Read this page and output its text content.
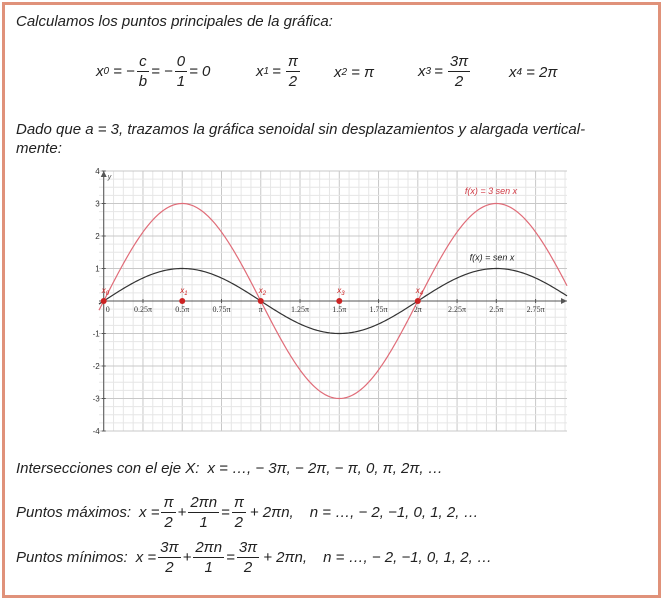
Calculamos los puntos principales de la gráfica:
x 0 = − $\frac{c}{b}$ = − $\frac{0}{1} = 0$	x $1 = \frac{\pi}{2}$ x 2 = π	x $3 = \frac{3\pi}{2}$	x 4 = 2π
Dado que a = 3, trazamos la gráfica senoidal sin desplazamientos y alargada vertical-
mente:
y
0	0.25π	0.5π	0.75π	π	1.25π	1.5π	1.75π	2π	2.25π	2.5π	2.75π
-4
-3
-2
-1
1
2
3
4
f(x) = 3 sen x
f(x) = sen x
$x_0$	$x_1$	$x_2$	$x_3$	$x_4$
Intersecciones con el eje X: x = …, − 3π, − 2π, − π, 0, π, 2π, …
Puntos máximos: $x = \frac{\pi}{2} + \frac{2\pi n}{1} = \frac{\pi}{2} + 2\pi n$, n = …, − 2, −1, 0, 1, 2, …
Puntos mínimos: $x = \frac{3\pi}{2} + \frac{2\pi n}{1} = \frac{3\pi}{2} + 2\pi n$, n = …, − 2, −1, 0, 1, 2, …
